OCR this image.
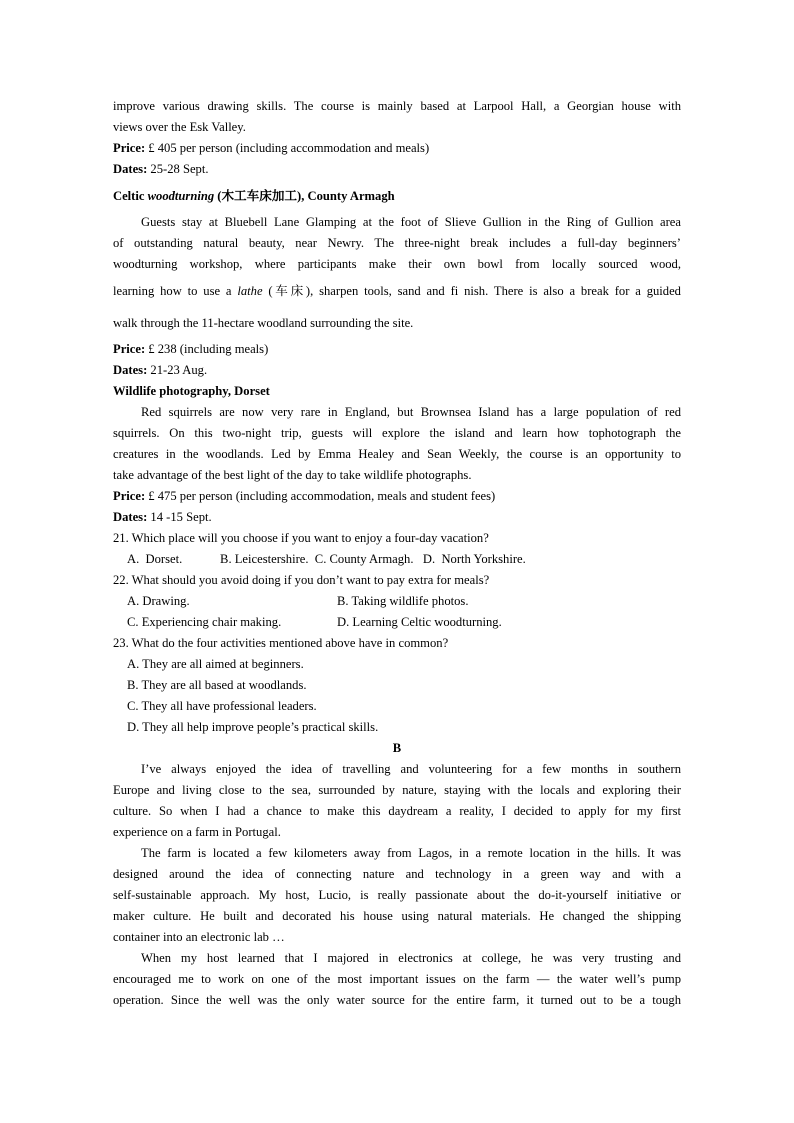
improve various drawing skills. The course is mainly based at Larpool Hall, a Georgian house with
views over the Esk Valley.
Price: £ 405 per person (including accommodation and meals)
Dates: 25-28 Sept.
Celtic woodturning (木工车床加工), County Armagh
Guests stay at Bluebell Lane Glamping at the foot of Slieve Gullion in the Ring of Gullion area
of outstanding natural beauty, near Newry. The three-night break includes a full-day beginners’
woodturning workshop, where participants make their own bowl from locally sourced wood,
learning how to use a lathe (车床), sharpen tools, sand and fi nish. There is also a break for a guided
walk through the 11-hectare woodland surrounding the site.
Price: £ 238 (including meals)
Dates: 21-23 Aug.
Wildlife photography, Dorset
Red squirrels are now very rare in England, but Brownsea Island has a large population of red
squirrels. On this two-night trip, guests will explore the island and learn how tophotograph the
creatures in the woodlands. Led by Emma Healey and Sean Weekly, the course is an opportunity to
take advantage of the best light of the day to take wildlife photographs.
Price: £ 475 per person (including accommodation, meals and student fees)
Dates: 14 -15 Sept.
21. Which place will you choose if you want to enjoy a four-day vacation?
A.  Dorset.            B. Leicestershire.  C. County Armagh.   D.  North Yorkshire.
22. What should you avoid doing if you don’t want to pay extra for meals?
A. Drawing.	B. Taking wildlife photos.
C. Experiencing chair making.	D. Learning Celtic woodturning.
23. What do the four activities mentioned above have in common?
A. They are all aimed at beginners.
B. They are all based at woodlands.
C. They all have professional leaders.
D. They all help improve people’s practical skills.
B
I’ve always enjoyed the idea of travelling and volunteering for a few months in southern
Europe and living close to the sea, surrounded by nature, staying with the locals and exploring their
culture. So when I had a chance to make this daydream a reality, I decided to apply for my first
experience on a farm in Portugal.
The farm is located a few kilometers away from Lagos, in a remote location in the hills. It was
designed around the idea of connecting nature and technology in a green way and with a
self-sustainable approach. My host, Lucio, is really passionate about the do-it-yourself initiative or
maker culture. He built and decorated his house using natural materials. He changed the shipping
container into an electronic lab …
When my host learned that I majored in electronics at college, he was very trusting and
encouraged me to work on one of the most important issues on the farm — the water well’s pump
operation. Since the well was the only water source for the entire farm, it turned out to be a tough
